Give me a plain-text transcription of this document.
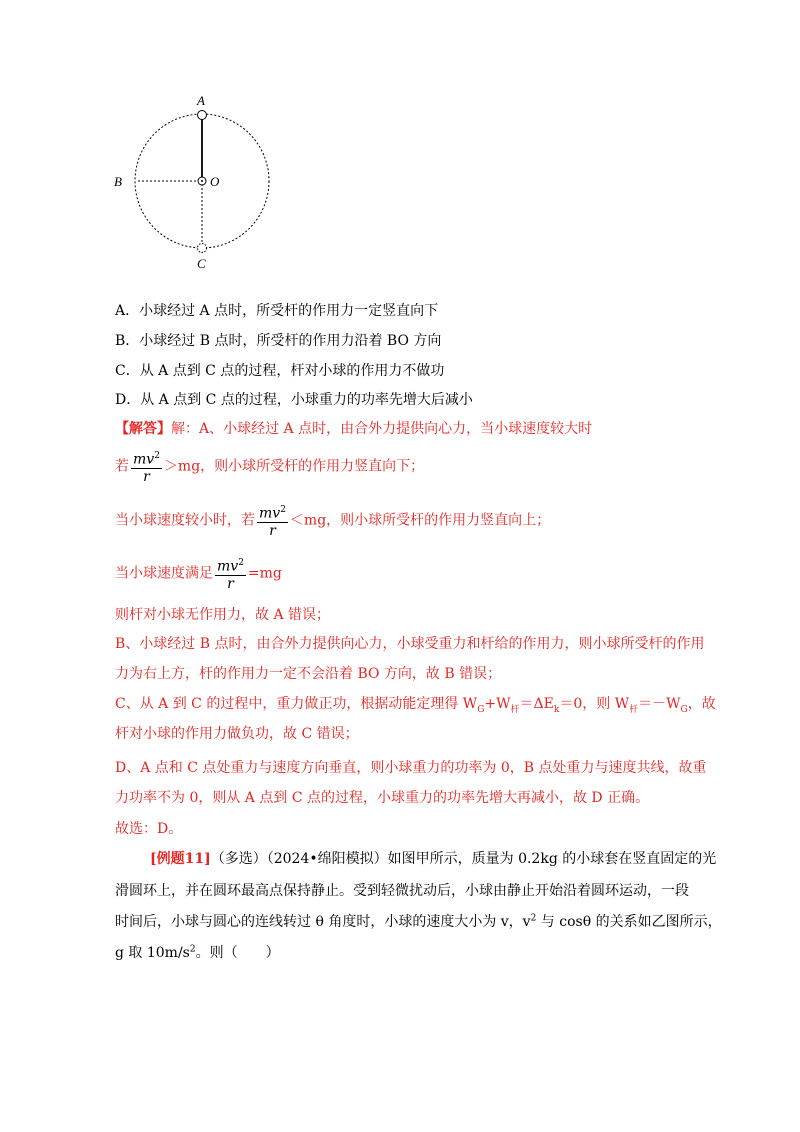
A
B	O
C
A．小球经过 A 点时，所受杆的作用力一定竖直向下
B．小球经过 B 点时，所受杆的作用力沿着 BO 方向
C．从 A 点到 C 点的过程，杆对小球的作用力不做功
D．从 A 点到 C 点的过程，小球重力的功率先增大后减小
【解答】解：A、小球经过 A 点时，由合外力提供向心力，当小球速度较大时
若 $\frac{mv^2}{r} >mg$，则小球所受杆的作用力竖直向下；
当小球速度较小时，若 $\frac{mv^2}{r} <mg$，则小球所受杆的作用力竖直向上；
当小球速度满足 $\frac{mv^2}{r} =mg$
则杆对小球无作用力，故 A 错误；
B、小球经过 B 点时，由合外力提供向心力，小球受重力和杆给的作用力，则小球所受杆的作用
力为右上方，杆的作用力一定不会沿着 BO 方向，故 B 错误；
C、从 A 到 C 的过程中，重力做正功，根据动能定理得 $W_G+W_杆=\Delta E_k=0$，则 $W_杆=-W_G$，故
杆对小球的作用力做负功，故 C 错误；
D、A 点和 C 点处重力与速度方向垂直，则小球重力的功率为 0，B 点处重力与速度共线，故重
力功率不为 0，则从 A 点到 C 点的过程，小球重力的功率先增大再减小，故 D 正确。
故选：D。
[例题11]（多选）（2024•绵阳模拟）如图甲所示，质量为 0.2kg 的小球套在竖直固定的光
滑圆环上，并在圆环最高点保持静止。受到轻微扰动后，小球由静止开始沿着圆环运动，一段
时间后，小球与圆心的连线转过 θ 角度时，小球的速度大小为 v，$v^2$ 与 cosθ 的关系如乙图所示，
g 取 $10m/s^2$。则（　　）
